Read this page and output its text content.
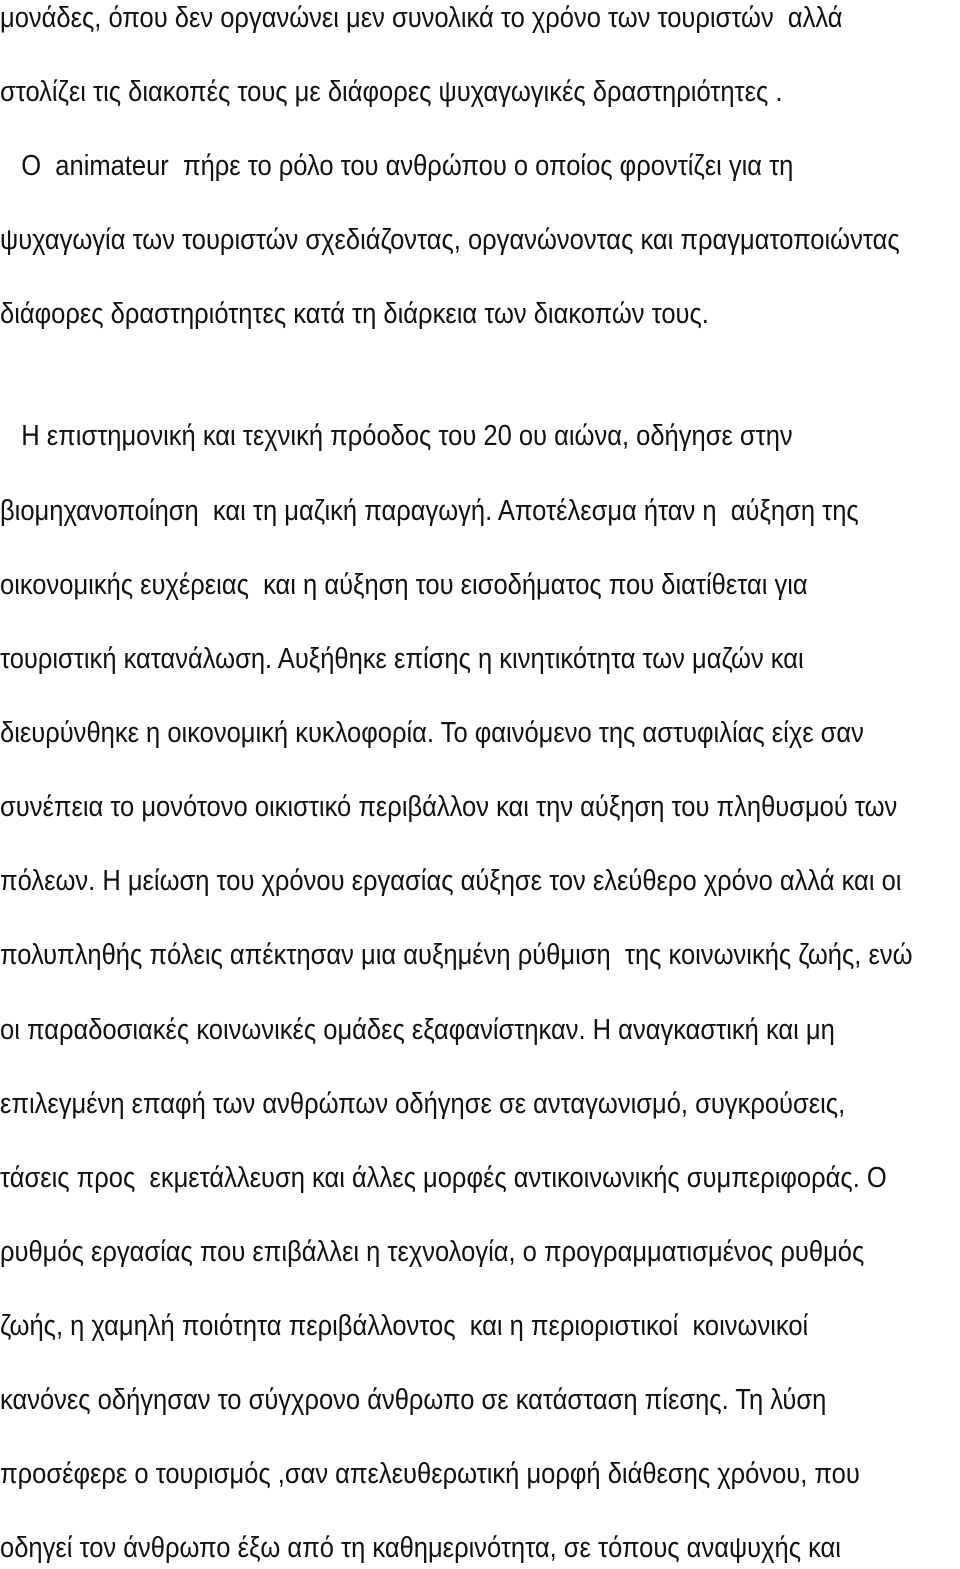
μονάδες, όπου δεν οργανώνει μεν συνολικά το χρόνο των τουριστών  αλλά
στολίζει τις διακοπές τους με διάφορες ψυχαγωγικές δραστηριότητες .
Ο  animateur  πήρε το ρόλο του ανθρώπου ο οποίος φροντίζει για τη
ψυχαγωγία των τουριστών σχεδιάζοντας, οργανώνοντας και πραγματοποιώντας
διάφορες δραστηριότητες κατά τη διάρκεια των διακοπών τους.
Η επιστημονική και τεχνική πρόοδος του 20 ου αιώνα, οδήγησε στην
βιομηχανοποίηση  και τη μαζική παραγωγή. Αποτέλεσμα ήταν η  αύξηση της
οικονομικής ευχέρειας  και η αύξηση του εισοδήματος που διατίθεται για
τουριστική κατανάλωση. Αυξήθηκε επίσης η κινητικότητα των μαζών και
διευρύνθηκε η οικονομική κυκλοφορία. Το φαινόμενο της αστυφιλίας είχε σαν
συνέπεια το μονότονο οικιστικό περιβάλλον και την αύξηση του πληθυσμού των
πόλεων. Η μείωση του χρόνου εργασίας αύξησε τον ελεύθερο χρόνο αλλά και οι
πολυπληθής πόλεις απέκτησαν μια αυξημένη ρύθμιση  της κοινωνικής ζωής, ενώ
οι παραδοσιακές κοινωνικές ομάδες εξαφανίστηκαν. Η αναγκαστική και μη
επιλεγμένη επαφή των ανθρώπων οδήγησε σε ανταγωνισμό, συγκρούσεις,
τάσεις προς  εκμετάλλευση και άλλες μορφές αντικοινωνικής συμπεριφοράς. Ο
ρυθμός εργασίας που επιβάλλει η τεχνολογία, ο προγραμματισμένος ρυθμός
ζωής, η χαμηλή ποιότητα περιβάλλοντος  και η περιοριστικοί  κοινωνικοί
κανόνες οδήγησαν το σύγχρονο άνθρωπο σε κατάσταση πίεσης. Τη λύση
προσέφερε ο τουρισμός ,σαν απελευθερωτική μορφή διάθεσης χρόνου, που
οδηγεί τον άνθρωπο έξω από τη καθημερινότητα, σε τόπους αναψυχής και
